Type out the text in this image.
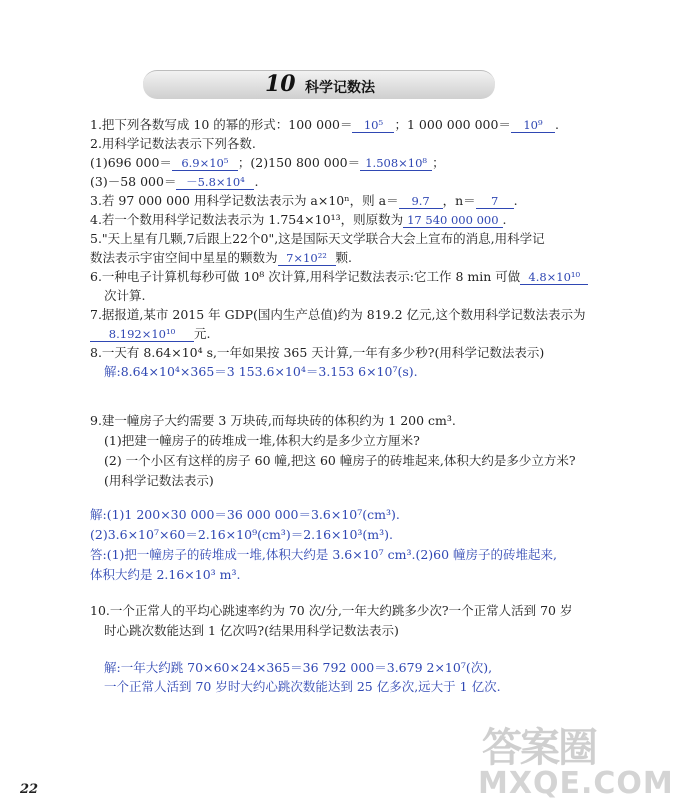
10 科学记数法
1.把下列各数写成 10 的幂的形式：100 000＝ 10⁵ ；1 000 000 000＝ 10⁹ .
2.用科学记数法表示下列各数.
(1)696 000＝ 6.9×10⁵ ；(2)150 800 000＝ 1.508×10⁸ ；
(3)－58 000＝ －5.8×10⁴ .
3.若 97 000 000 用科学记数法表示为 a×10ⁿ，则 a＝ 9.7 ，n＝ 7 .
4.若一个数用科学记数法表示为 1.754×10¹³，则原数为 17 540 000 000 .
5."天上星有几颗,7后跟上22个0",这是国际天文学联合大会上宣布的消息,用科学记
数法表示宇宙空间中星星的颗数为 7×10²² 颗.
6.一种电子计算机每秒可做 10⁸ 次计算,用科学记数法表示:它工作 8 min 可做 4.8×10¹⁰
次计算.
7.据报道,某市 2015 年 GDP(国内生产总值)约为 819.2 亿元,这个数用科学记数法表示为
8.192×10¹⁰ 元.
8.一天有 8.64×10⁴ s,一年如果按 365 天计算,一年有多少秒?(用科学记数法表示)
解:8.64×10⁴×365＝3 153.6×10⁴＝3.153 6×10⁷(s).
9.建一幢房子大约需要 3 万块砖,而每块砖的体积约为 1 200 cm³.
(1)把建一幢房子的砖堆成一堆,体积大约是多少立方厘米?
(2) 一个小区有这样的房子 60 幢,把这 60 幢房子的砖堆起来,体积大约是多少立方米?
(用科学记数法表示)
解:(1)1 200×30 000＝36 000 000＝3.6×10⁷(cm³).
(2)3.6×10⁷×60＝2.16×10⁹(cm³)＝2.16×10³(m³).
答:(1)把一幢房子的砖堆成一堆,体积大约是 3.6×10⁷ cm³.(2)60 幢房子的砖堆起来,
体积大约是 2.16×10³ m³.
10.一个正常人的平均心跳速率约为 70 次/分,一年大约跳多少次?一个正常人活到 70 岁
时心跳次数能达到 1 亿次吗?(结果用科学记数法表示)
解:一年大约跳 70×60×24×365＝36 792 000＝3.679 2×10⁷(次),
一个正常人活到 70 岁时大约心跳次数能达到 25 亿多次,远大于 1 亿次.
22
答案圈
MXQE.COM
